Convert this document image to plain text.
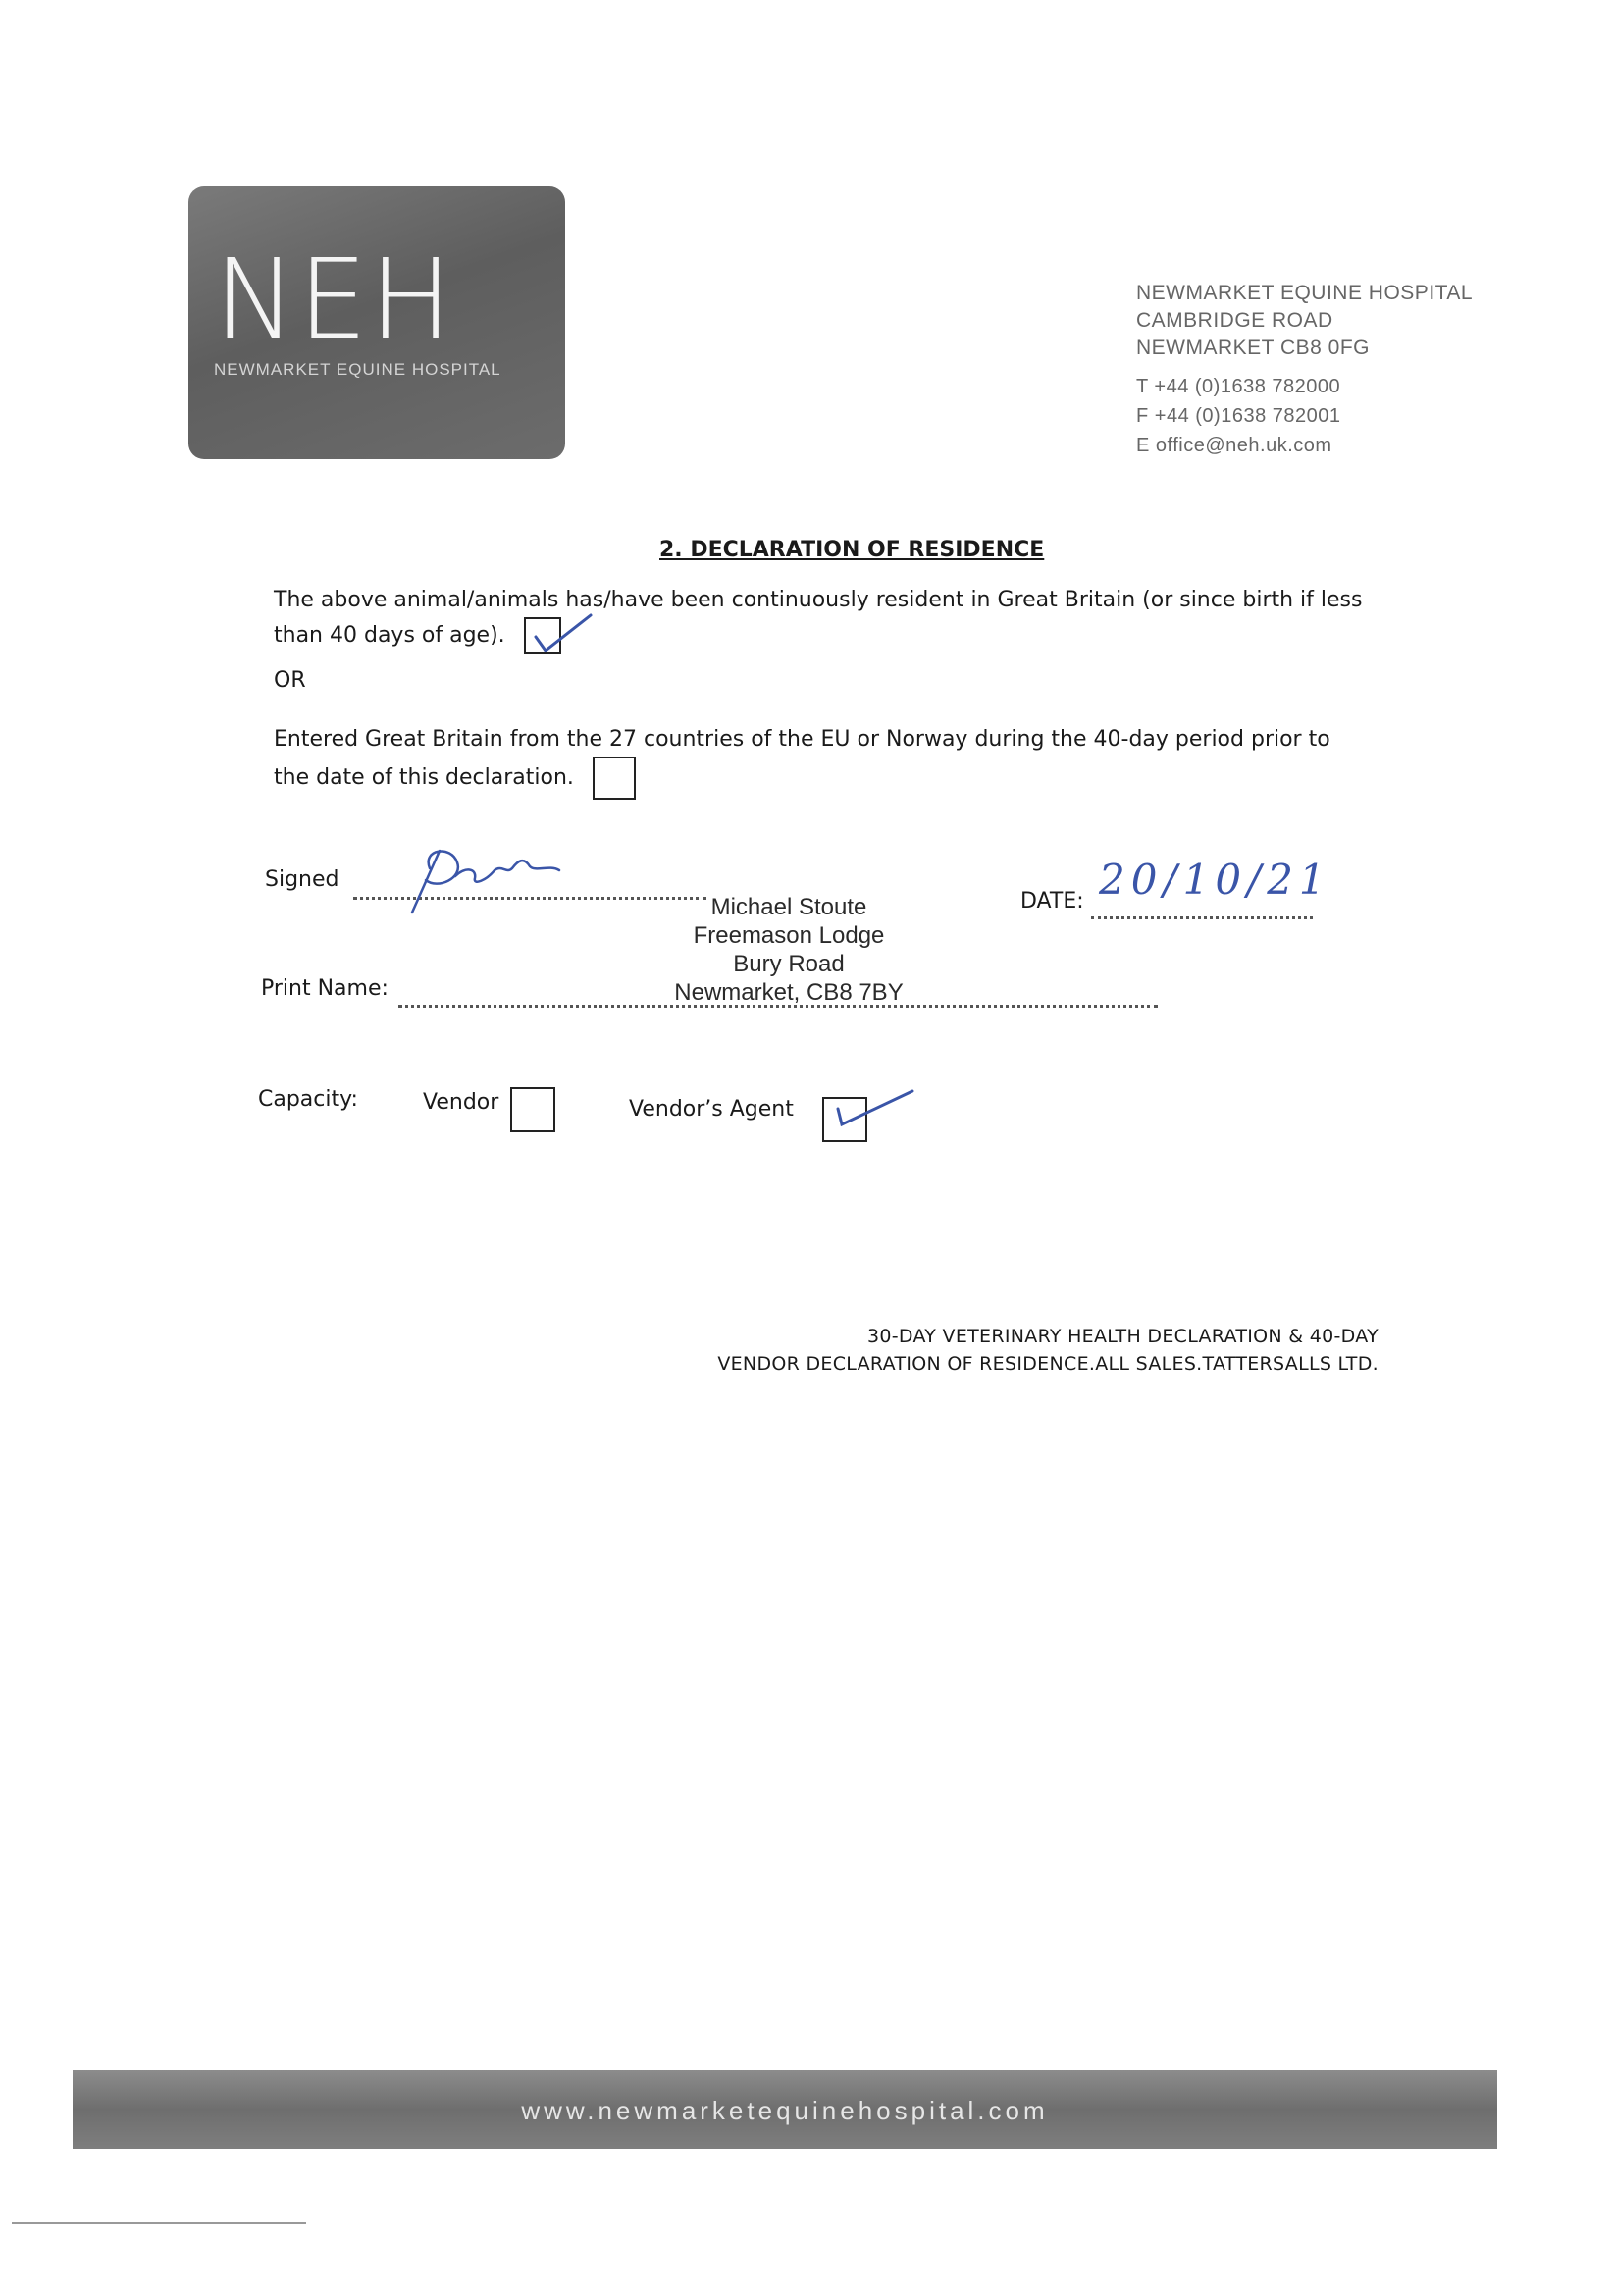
NEH
NEWMARKET EQUINE HOSPITAL
NEWMARKET EQUINE HOSPITAL
CAMBRIDGE ROAD
NEWMARKET CB8 0FG
T +44 (0)1638 782000
F +44 (0)1638 782001
E office@neh.uk.com
2. DECLARATION OF RESIDENCE
The above animal/animals has/have been continuously resident in Great Britain (or since birth if less
than 40 days of age).
OR
Entered Great Britain from the 27 countries of the EU or Norway during the 40-day period prior to
the date of this declaration.
Signed
DATE: 20/10/21
Michael Stoute
Freemason Lodge
Bury Road
Newmarket, CB8 7BY
Print Name:
Capacity:	Vendor	Vendor’s Agent
30-DAY VETERINARY HEALTH DECLARATION & 40-DAY
VENDOR DECLARATION OF RESIDENCE.ALL SALES.TATTERSALLS LTD.
www.newmarketequinehospital.com
